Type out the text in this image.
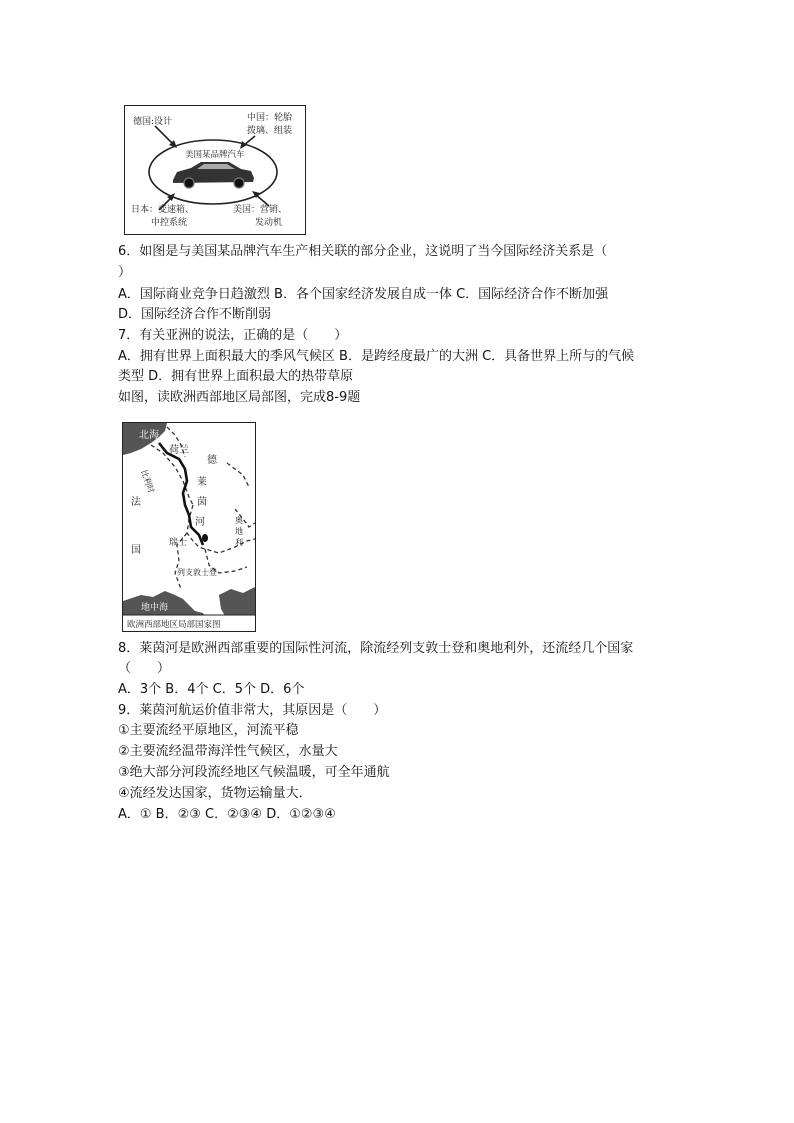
美国某品牌汽车
德国:设计	中国：轮胎
拨璃、组装
日本：变速箱、
中控系统
美国：营销、
发动机
6．如图是与美国某品牌汽车生产相关联的部分企业，这说明了当今国际经济关系是（
）
A．国际商业竞争日趋激烈 B．各个国家经济发展自成一体 C．国际经济合作不断加强
D．国际经济合作不断削弱
7．有关亚洲的说法，正确的是（　　）
A．拥有世界上面积最大的季风气候区 B．是跨经度最广的大洲 C．具备世界上所与的气候
类型 D．拥有世界上面积最大的热带草原
如图，读欧洲西部地区局部图，完成8-9题
北海
荷兰
比利时
法
国
德
莱
茵
河
瑞士
列支敦士登
奥
地
利
地中海
欧洲西部地区局部国家图
8．莱茵河是欧洲西部重要的国际性河流，除流经列支敦士登和奥地利外，还流经几个国家
（　　）
A．3个 B．4个 C．5个 D．6个
9．莱茵河航运价值非常大，其原因是（　　）
①主要流经平原地区，河流平稳
②主要流经温带海洋性气候区，水量大
③绝大部分河段流经地区气候温暖，可全年通航
④流经发达国家，货物运输量大．
A．① B．②③ C．②③④ D．①②③④
